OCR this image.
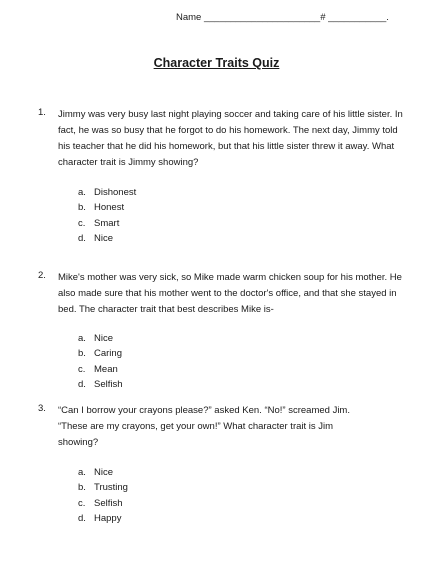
Name ______________________# ___________.
Character Traits Quiz
1. Jimmy was very busy last night playing soccer and taking care of his little sister. In fact, he was so busy that he forgot to do his homework. The next day, Jimmy told his teacher that he did his homework, but that his little sister threw it away. What character trait is Jimmy showing?
a. Dishonest
b. Honest
c. Smart
d. Nice
2. Mike's mother was very sick, so Mike made warm chicken soup for his mother. He also made sure that his mother went to the doctor's office, and that she stayed in bed. The character trait that best describes Mike is-
a. Nice
b. Caring
c. Mean
d. Selfish
3. “Can I borrow your crayons please?” asked Ken. “No!” screamed Jim. “These are my crayons, get your own!” What character trait is Jim showing?
a. Nice
b. Trusting
c. Selfish
d. Happy
